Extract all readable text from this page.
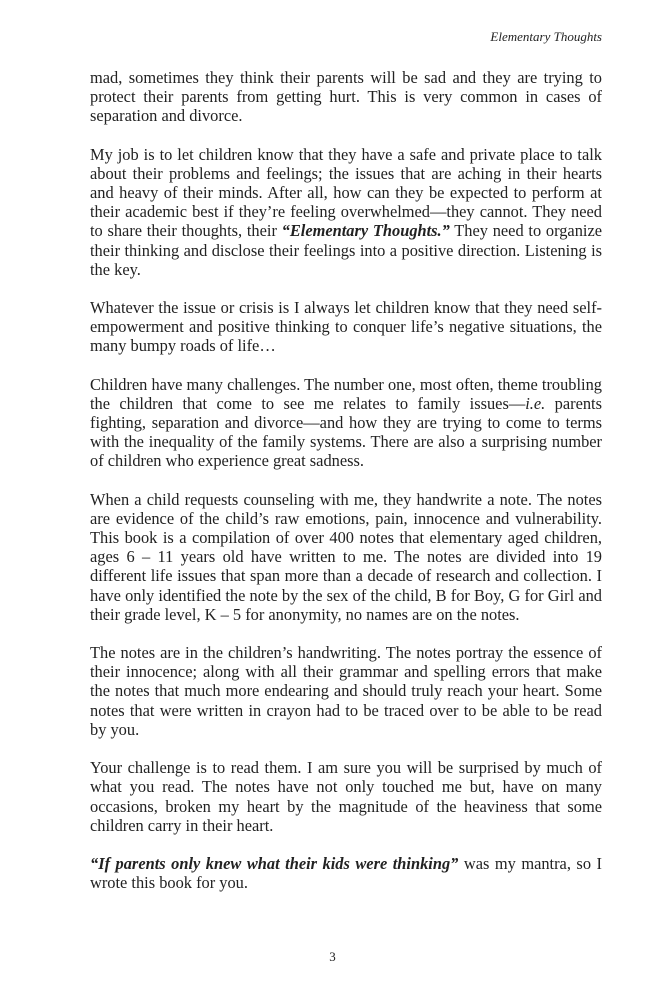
Elementary Thoughts

mad, sometimes they think their parents will be sad and they are trying to protect their parents from getting hurt. This is very common in cases of separation and divorce.

My job is to let children know that they have a safe and private place to talk about their problems and feelings; the issues that are aching in their hearts and heavy of their minds. After all, how can they be expected to perform at their academic best if they’re feeling overwhelmed—they cannot. They need to share their thoughts, their “Elementary Thoughts.” They need to organize their thinking and disclose their feelings into a positive direction. Listening is the key.

Whatever the issue or crisis is I always let children know that they need self-empowerment and positive thinking to conquer life’s negative situations, the many bumpy roads of life…

Children have many challenges. The number one, most often, theme troubling the children that come to see me relates to family issues—i.e. parents fighting, separation and divorce—and how they are trying to come to terms with the inequality of the family systems. There are also a surprising number of children who experience great sadness.

When a child requests counseling with me, they handwrite a note. The notes are evidence of the child’s raw emotions, pain, innocence and vulnerability. This book is a compilation of over 400 notes that elementary aged children, ages 6 – 11 years old have written to me. The notes are divided into 19 different life issues that span more than a decade of research and collection. I have only identified the note by the sex of the child, B for Boy, G for Girl and their grade level, K – 5 for anonymity, no names are on the notes.

The notes are in the children’s handwriting. The notes portray the essence of their innocence; along with all their grammar and spelling errors that make the notes that much more endearing and should truly reach your heart. Some notes that were written in crayon had to be traced over to be able to be read by you.

Your challenge is to read them. I am sure you will be surprised by much of what you read. The notes have not only touched me but, have on many occasions, broken my heart by the magnitude of the heaviness that some children carry in their heart.

“If parents only knew what their kids were thinking” was my mantra, so I wrote this book for you.

3
